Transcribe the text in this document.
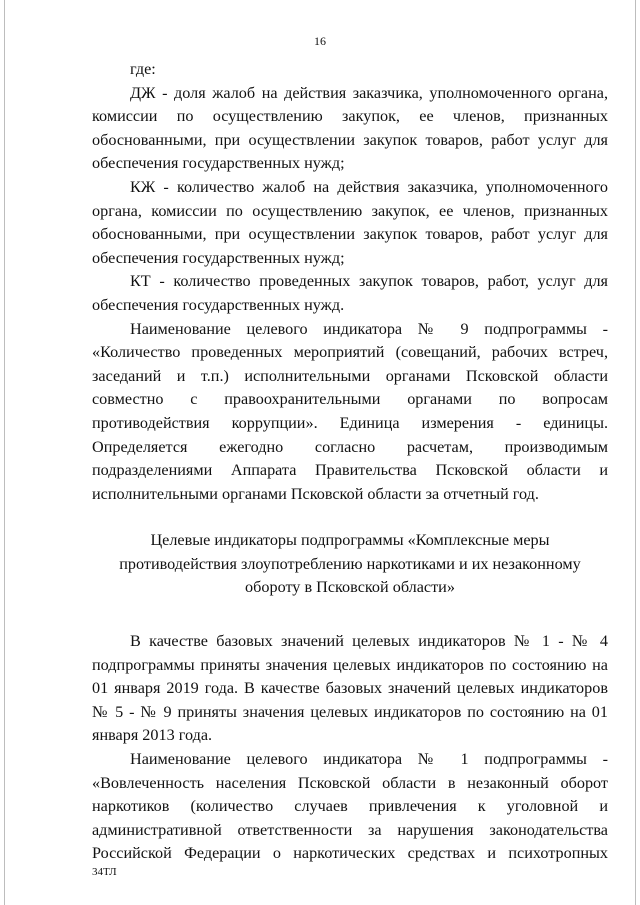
16

где:

ДЖ - доля жалоб на действия заказчика, уполномоченного органа, комиссии по осуществлению закупок, ее членов, признанных обоснованными, при осуществлении закупок товаров, работ услуг для обеспечения государственных нужд;

КЖ - количество жалоб на действия заказчика, уполномоченного органа, комиссии по осуществлению закупок, ее членов, признанных обоснованными, при осуществлении закупок товаров, работ услуг для обеспечения государственных нужд;

КТ - количество проведенных закупок товаров, работ, услуг для обеспечения государственных нужд.

Наименование целевого индикатора № 9 подпрограммы - «Количество проведенных мероприятий (совещаний, рабочих встреч, заседаний и т.п.) исполнительными органами Псковской области совместно с правоохранительными органами по вопросам противодействия коррупции». Единица измерения - единицы. Определяется ежегодно согласно расчетам, производимым подразделениями Аппарата Правительства Псковской области и исполнительными органами Псковской области за отчетный год.

Целевые индикаторы подпрограммы «Комплексные меры противодействия злоупотреблению наркотиками и их незаконному обороту в Псковской области»

В качестве базовых значений целевых индикаторов № 1 - № 4 подпрограммы приняты значения целевых индикаторов по состоянию на 01 января 2019 года. В качестве базовых значений целевых индикаторов № 5 - № 9 приняты значения целевых индикаторов по состоянию на 01 января 2013 года.

Наименование целевого индикатора № 1 подпрограммы - «Вовлеченность населения Псковской области в незаконный оборот наркотиков (количество случаев привлечения к уголовной и административной ответственности за нарушения законодательства Российской Федерации о наркотических средствах и психотропных

34ТЛ
